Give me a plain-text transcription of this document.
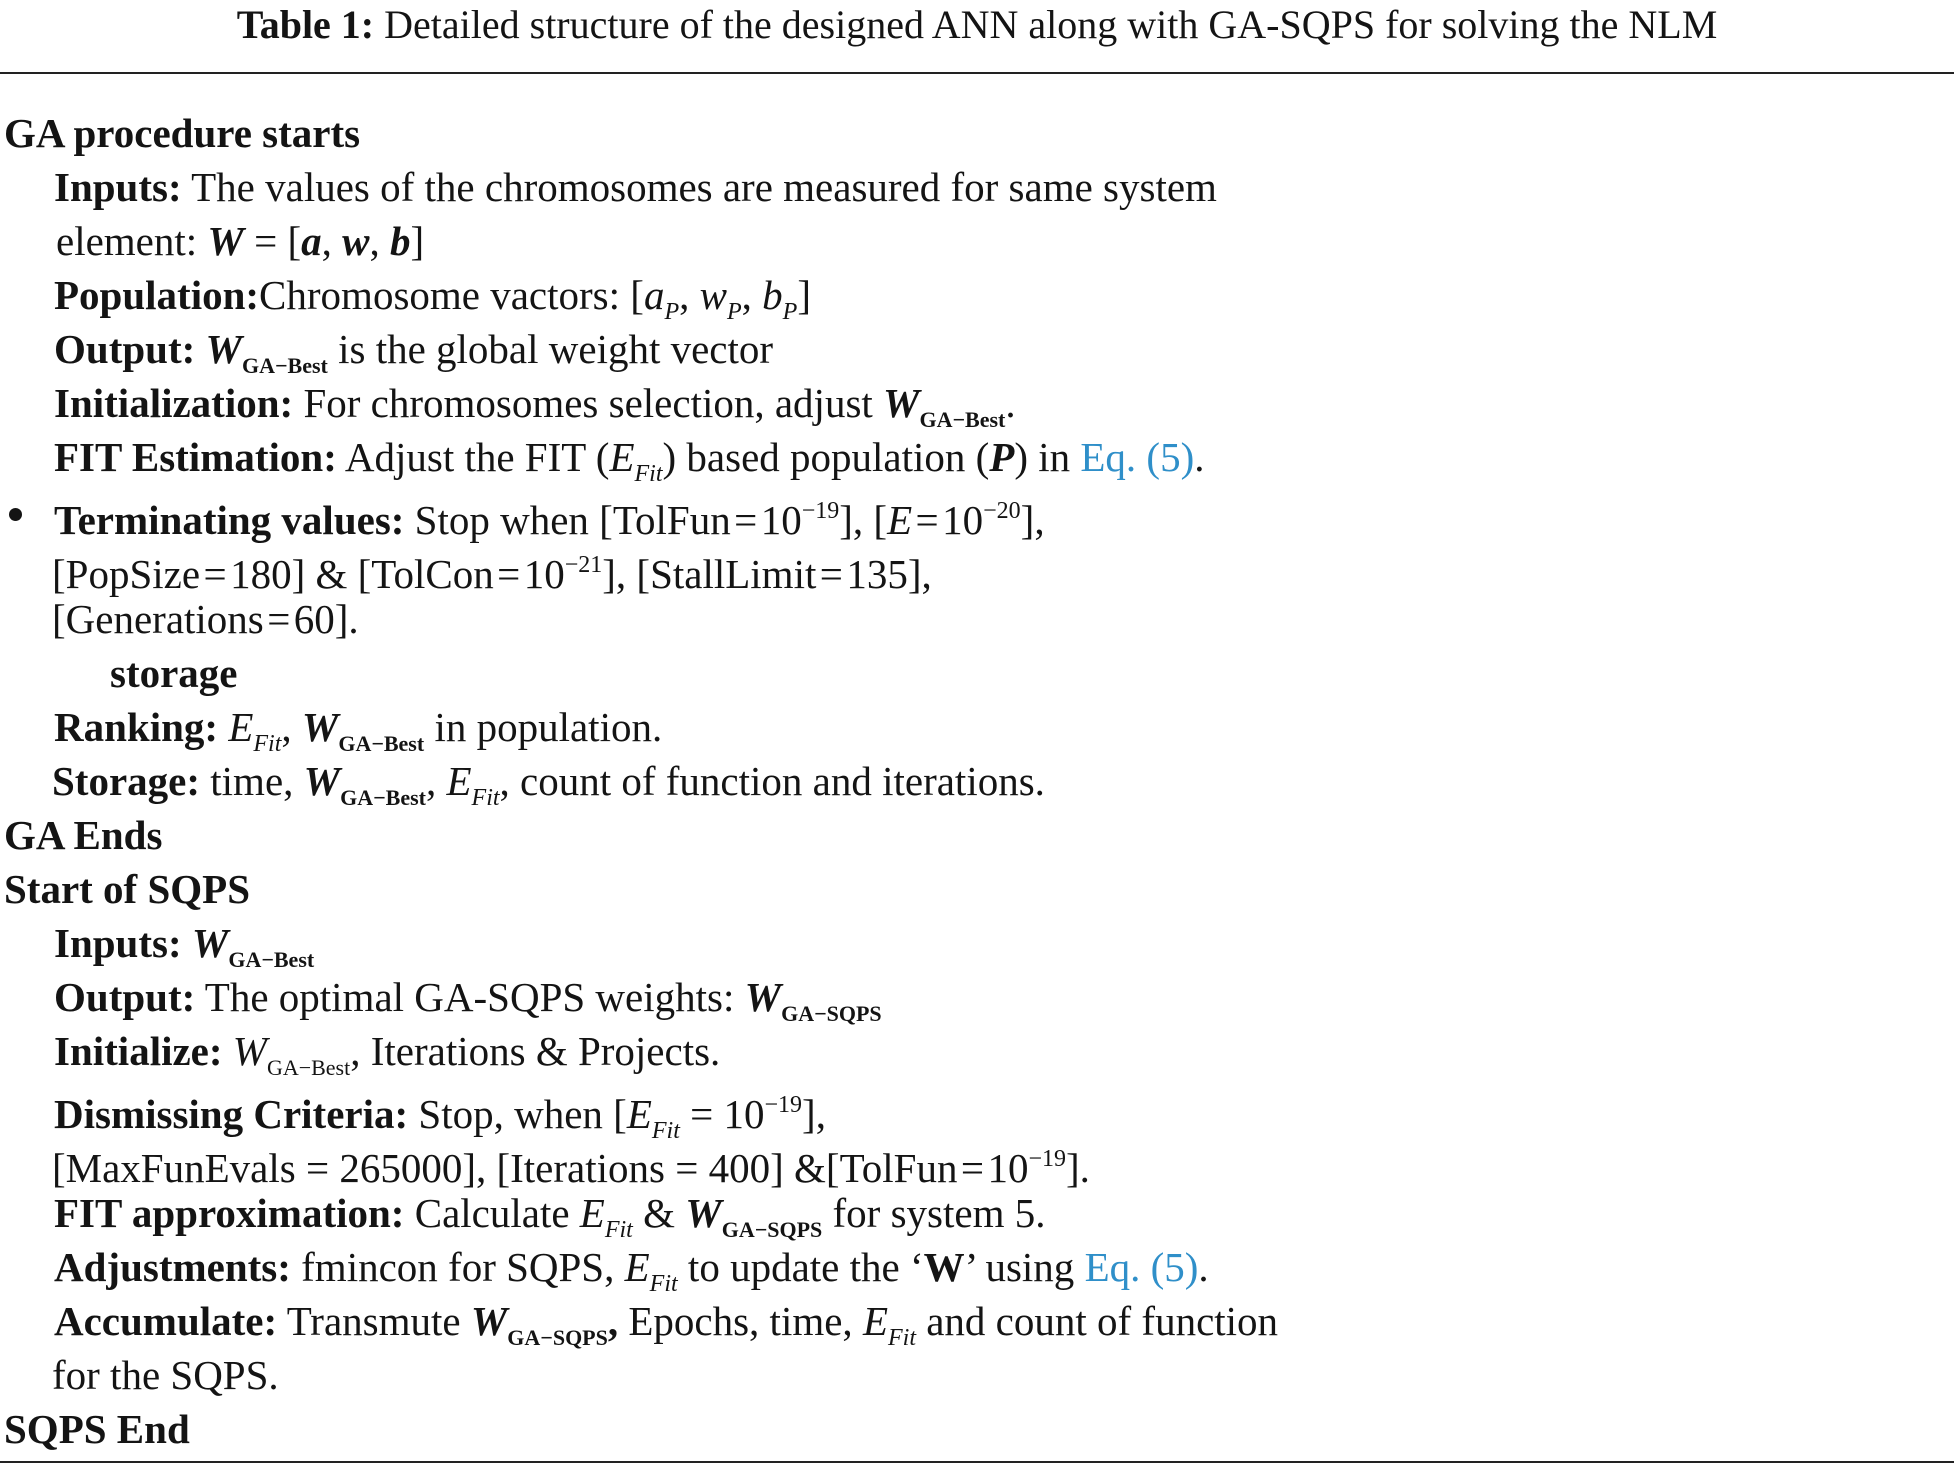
Table 1: Detailed structure of the designed ANN along with GA-SQPS for solving the NLM
GA procedure starts
Inputs: The values of the chromosomes are measured for same system
element: W = [a, w, b]
Population:Chromosome vactors: [$a_P$, $w_P$, $b_P$]
Output: $W_{GA-Best}$ is the global weight vector
Initialization: For chromosomes selection, adjust $W_{GA-Best}$.
FIT Estimation: Adjust the FIT $(E_{Fit})$ based population (P) in Eq. (5).
Terminating values: Stop when [TolFun = $10^{-19}$], [E = $10^{-20}$],
[PopSize = 180] & [TolCon = $10^{-21}$], [StallLimit = 135],
[Generations = 60].
storage
Ranking: $E_{Fit}$, $W_{GA-Best}$ in population.
Storage: time, $W_{GA-Best}$, $E_{Fit}$, count of function and iterations.
GA Ends
Start of SQPS
Inputs: $W_{GA-Best}$
Output: The optimal GA-SQPS weights: $W_{GA-SQPS}$
Initialize: $W_{GA-Best}$, Iterations & Projects.
Dismissing Criteria: Stop, when $[E_{Fit} = 10^{-19}]$,
[MaxFunEvals = 265000], [Iterations = 400] &[TolFun = $10^{-19}$].
FIT approximation: Calculate $E_{Fit}$ & $W_{GA-SQPS}$ for system 5.
Adjustments: fmincon for SQPS, $E_{Fit}$ to update the ‘W’ using Eq. (5).
Accumulate: Transmute $W_{GA-SQPS}$, Epochs, time, $E_{Fit}$ and count of function
for the SQPS.
SQPS End
